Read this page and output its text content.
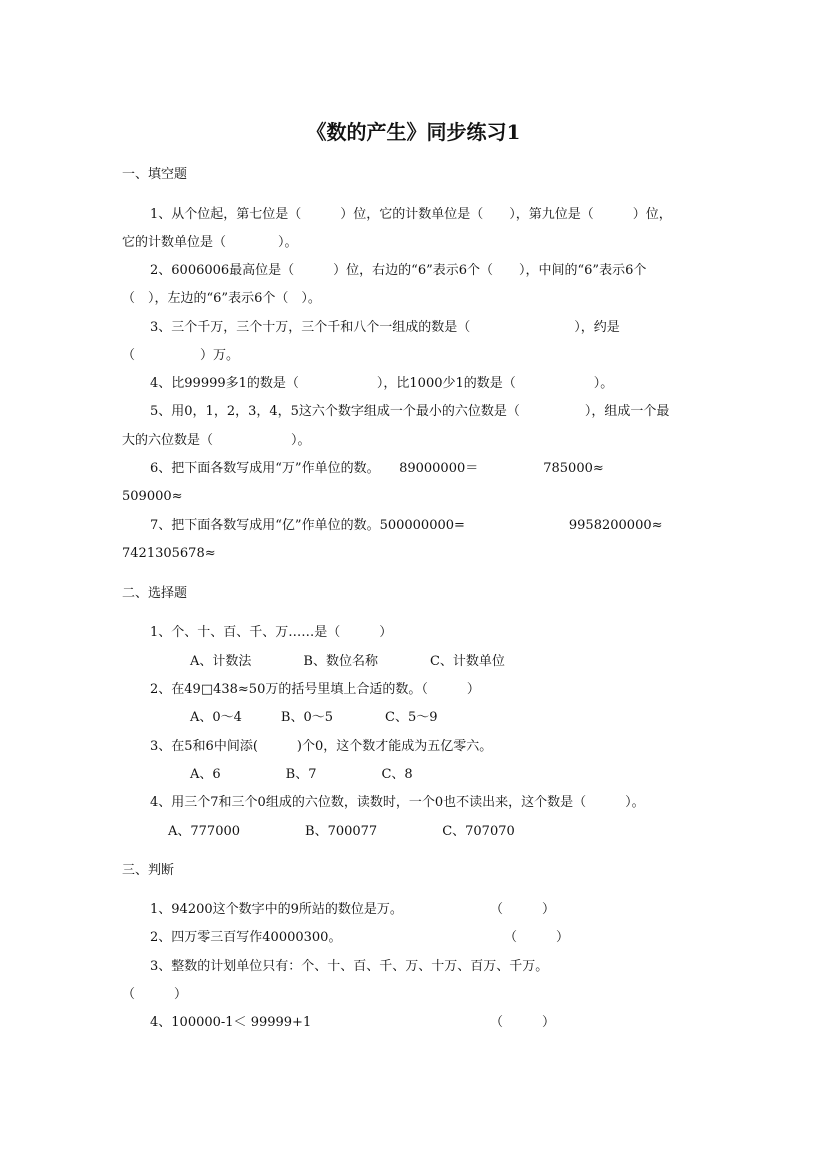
《数的产生》同步练习1
一、填空题
1、从个位起，第七位是（　　　）位，它的计数单位是（　　），第九位是（　　　）位，
它的计数单位是（　　　　）。
2、6006006最高位是（　　　）位，右边的“6”表示6个（　　），中间的“6”表示6个
（　），左边的“6”表示6个（　）。
3、三个千万，三个十万，三个千和八个一组成的数是（　　　　　　　　），约是
（　　　　　）万。
4、比99999多1的数是（　　　　　　），比1000少1的数是（　　　　　　）。
5、用0，1，2，3，4，5这六个数字组成一个最小的六位数是（　　　　　），组成一个最
大的六位数是（　　　　　　）。
6、把下面各数写成用“万”作单位的数。　　89000000＝　　　　　785000≈
509000≈
7、把下面各数写成用“亿”作单位的数。500000000=　　　　　　　　9958200000≈
7421305678≈
二、选择题
1、个、十、百、千、万……是（　　　）
A、计数法　　　　B、数位名称　　　　C、计数单位
2、在49□438≈50万的括号里填上合适的数。（　　　）
A、0～4　　　B、0～5　　　　C、5～9
3、在5和6中间添(　　　)个0，这个数才能成为五亿零六。
A、6　　　　　B、7　　　　　C、8
4、用三个7和三个0组成的六位数，读数时，一个0也不读出来，这个数是（　　　）。
A、777000　　　　　B、700077　　　　　C、707070
三、判断
1、94200这个数字中的9所站的数位是万。	（　　　）
2、四万零三百写作40000300。	（　　　）
3、整数的计划单位只有：个、十、百、千、万、十万、百万、千万。
（　　　）
4、100000-1＜ 99999+1	（　　　）
